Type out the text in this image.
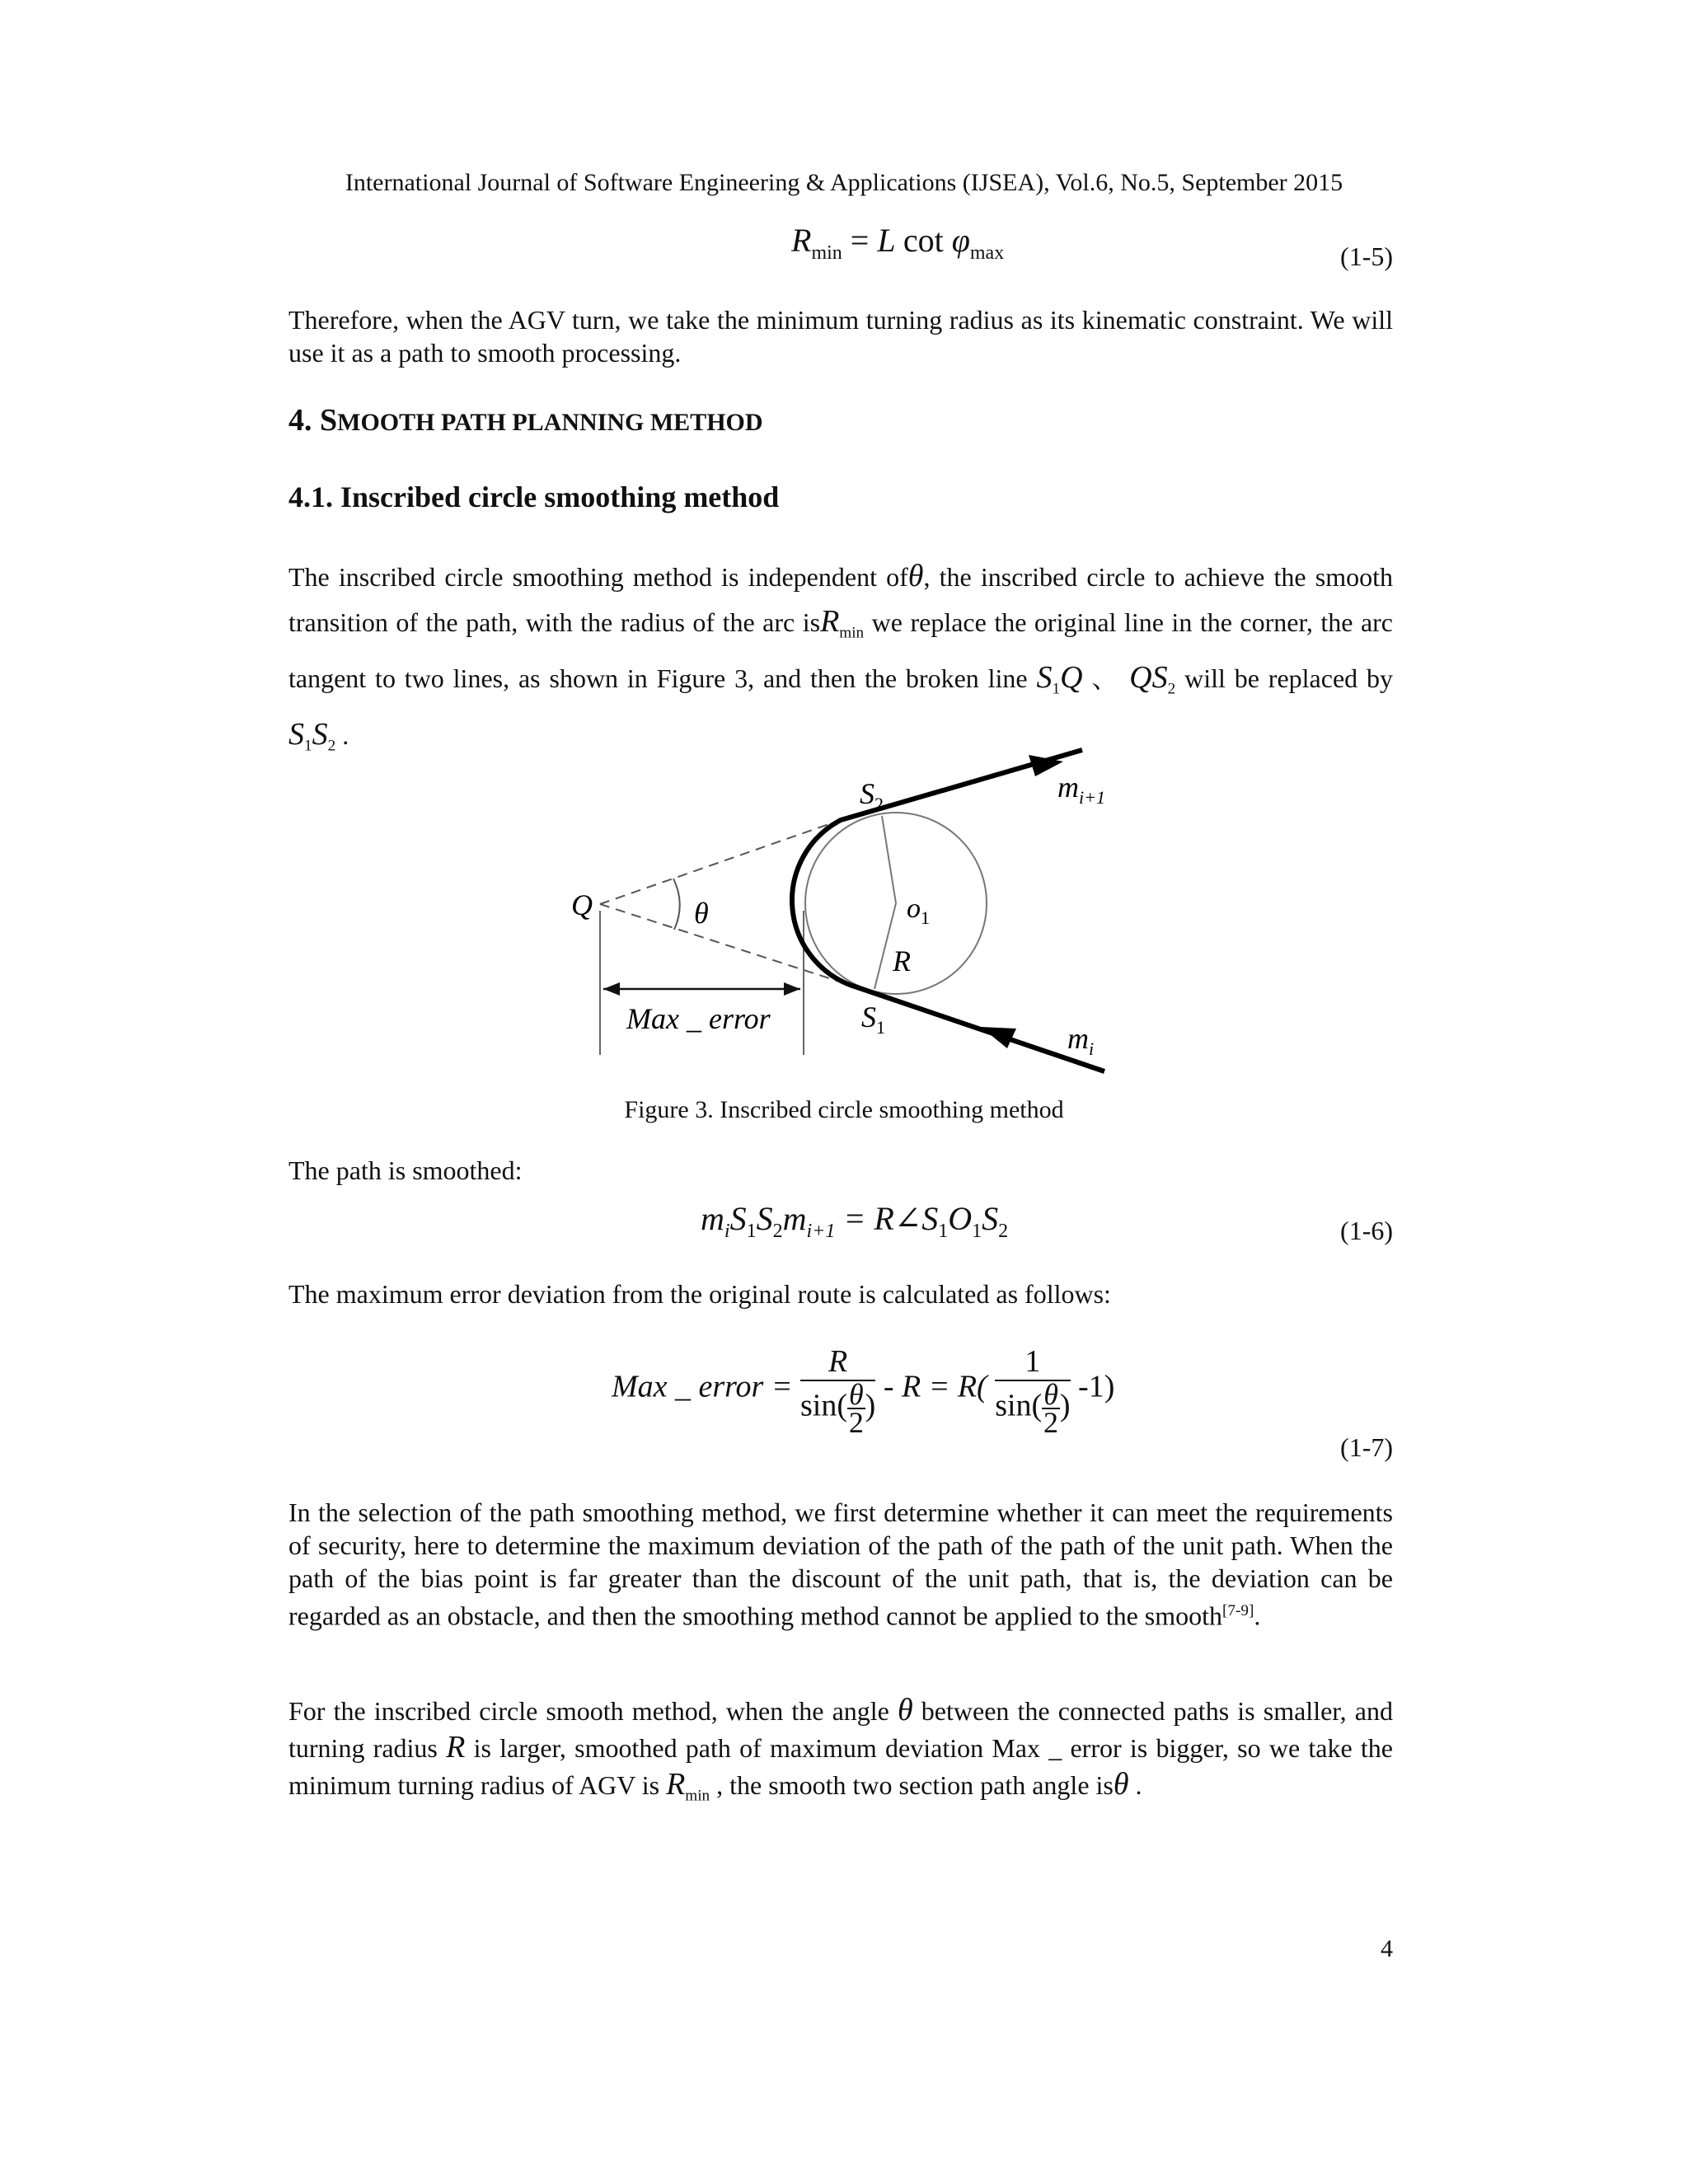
International Journal of Software Engineering & Applications (IJSEA), Vol.6, No.5, September 2015
$R_{min} = L$ $\cot \varphi_{max}$	(1-5)
Therefore, when the AGV turn, we take the minimum turning radius as its kinematic constraint. We will use it as a path to smooth processing.
4. SMOOTH PATH PLANNING METHOD
4.1. Inscribed circle smoothing method
The inscribed circle smoothing method is independent ofθ, the inscribed circle to achieve the smooth transition of the path, with the radius of the arc isR$_{min}$ we replace the original line in the corner, the arc tangent to two lines, as shown in Figure 3, and then the broken line $S_1Q$ 、 $QS_2$ will be replaced by $S_1S_2$ .
$S_2$
$m_{i+1}$
Q	θ	$o_1$
R
Max _ error	$S_1$	$m_i$
Figure 3. Inscribed circle smoothing method
The path is smoothed:
$m_iS_1S_2m_{i+1}$ = $R\angle S_1O_1S_2$	(1-6)
The maximum error deviation from the original route is calculated as follows:
Max _ error = $\frac{R}{\sin( \frac{\theta}{2})} - R = R( \frac{1}{\sin( \frac{\theta}{2})} -1)$
(1-7)
In the selection of the path smoothing method, we first determine whether it can meet the requirements of security, here to determine the maximum deviation of the path of the path of the unit path. When the path of the bias point is far greater than the discount of the unit path, that is, the deviation can be regarded as an obstacle, and then the smoothing method cannot be applied to the smooth[7-9].
For the inscribed circle smooth method, when the angle θ between the connected paths is smaller, and turning radius R is larger, smoothed path of maximum deviation Max _ error is bigger, so we take the minimum turning radius of AGV is $R_{min}$ , the smooth two section path angle isθ .
4
